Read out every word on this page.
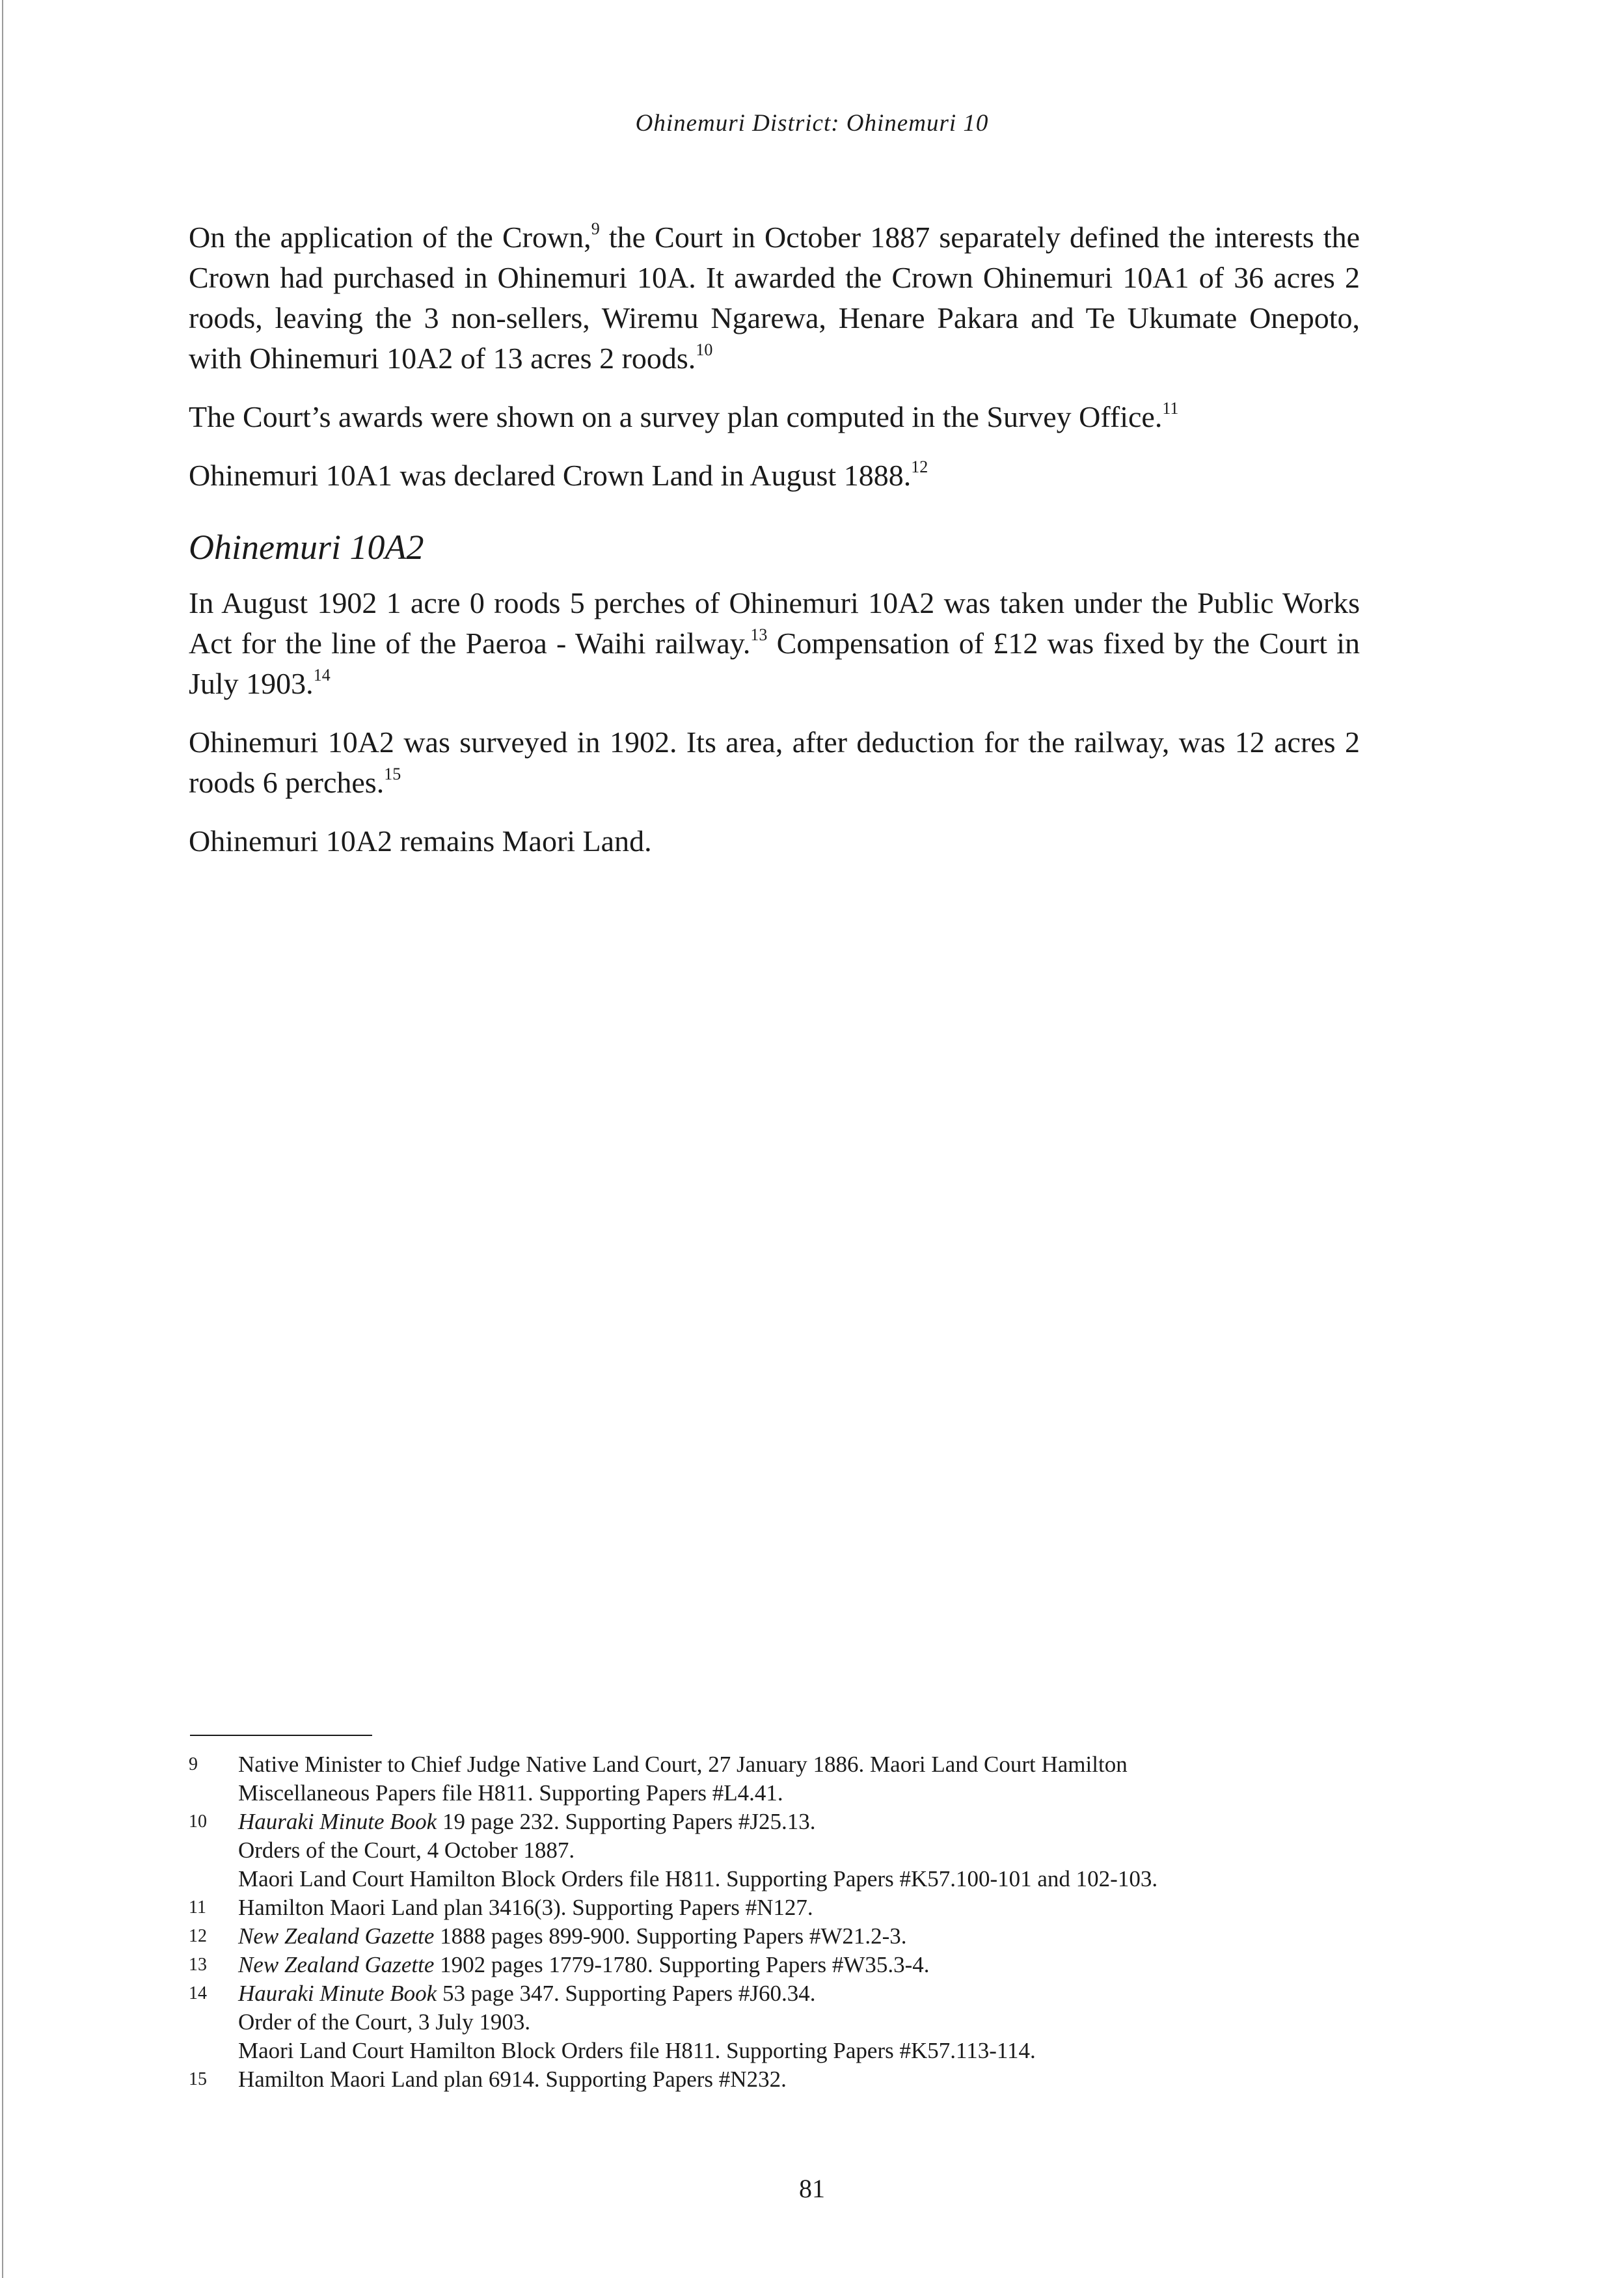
Ohinemuri District: Ohinemuri 10

On the application of the Crown,$^9$ the Court in October 1887 separately defined the interests the Crown had purchased in Ohinemuri 10A. It awarded the Crown Ohinemuri 10A1 of 36 acres 2 roods, leaving the 3 non-sellers, Wiremu Ngarewa, Henare Pakara and Te Ukumate Onepoto, with Ohinemuri 10A2 of 13 acres 2 roods.$^{10}$

The Court’s awards were shown on a survey plan computed in the Survey Office.$^{11}$

Ohinemuri 10A1 was declared Crown Land in August 1888.12

Ohinemuri 10A2

In August 1902 1 acre 0 roods 5 perches of Ohinemuri 10A2 was taken under the Public Works Act for the line of the Paeroa - Waihi railway.$^{13}$ Compensation of £12 was fixed by the Court in July 1903.14

Ohinemuri 10A2 was surveyed in 1902. Its area, after deduction for the railway, was 12 acres 2 roods 6 perches.$^{15}$

Ohinemuri 10A2 remains Maori Land.

9	Native Minister to Chief Judge Native Land Court, 27 January 1886. Maori Land Court Hamilton
Miscellaneous Papers file H811. Supporting Papers #L4.41.
10	Hauraki Minute Book 19 page 232. Supporting Papers #J25.13.
Orders of the Court, 4 October 1887.
Maori Land Court Hamilton Block Orders file H811. Supporting Papers #K57.100-101 and 102-103.
11	Hamilton Maori Land plan 3416(3). Supporting Papers #N127.
12	New Zealand Gazette 1888 pages 899-900. Supporting Papers #W21.2-3.
13	New Zealand Gazette 1902 pages 1779-1780. Supporting Papers #W35.3-4.
14	Hauraki Minute Book 53 page 347. Supporting Papers #J60.34.
Order of the Court, 3 July 1903.
Maori Land Court Hamilton Block Orders file H811. Supporting Papers #K57.113-114.
15	Hamilton Maori Land plan 6914. Supporting Papers #N232.
81
